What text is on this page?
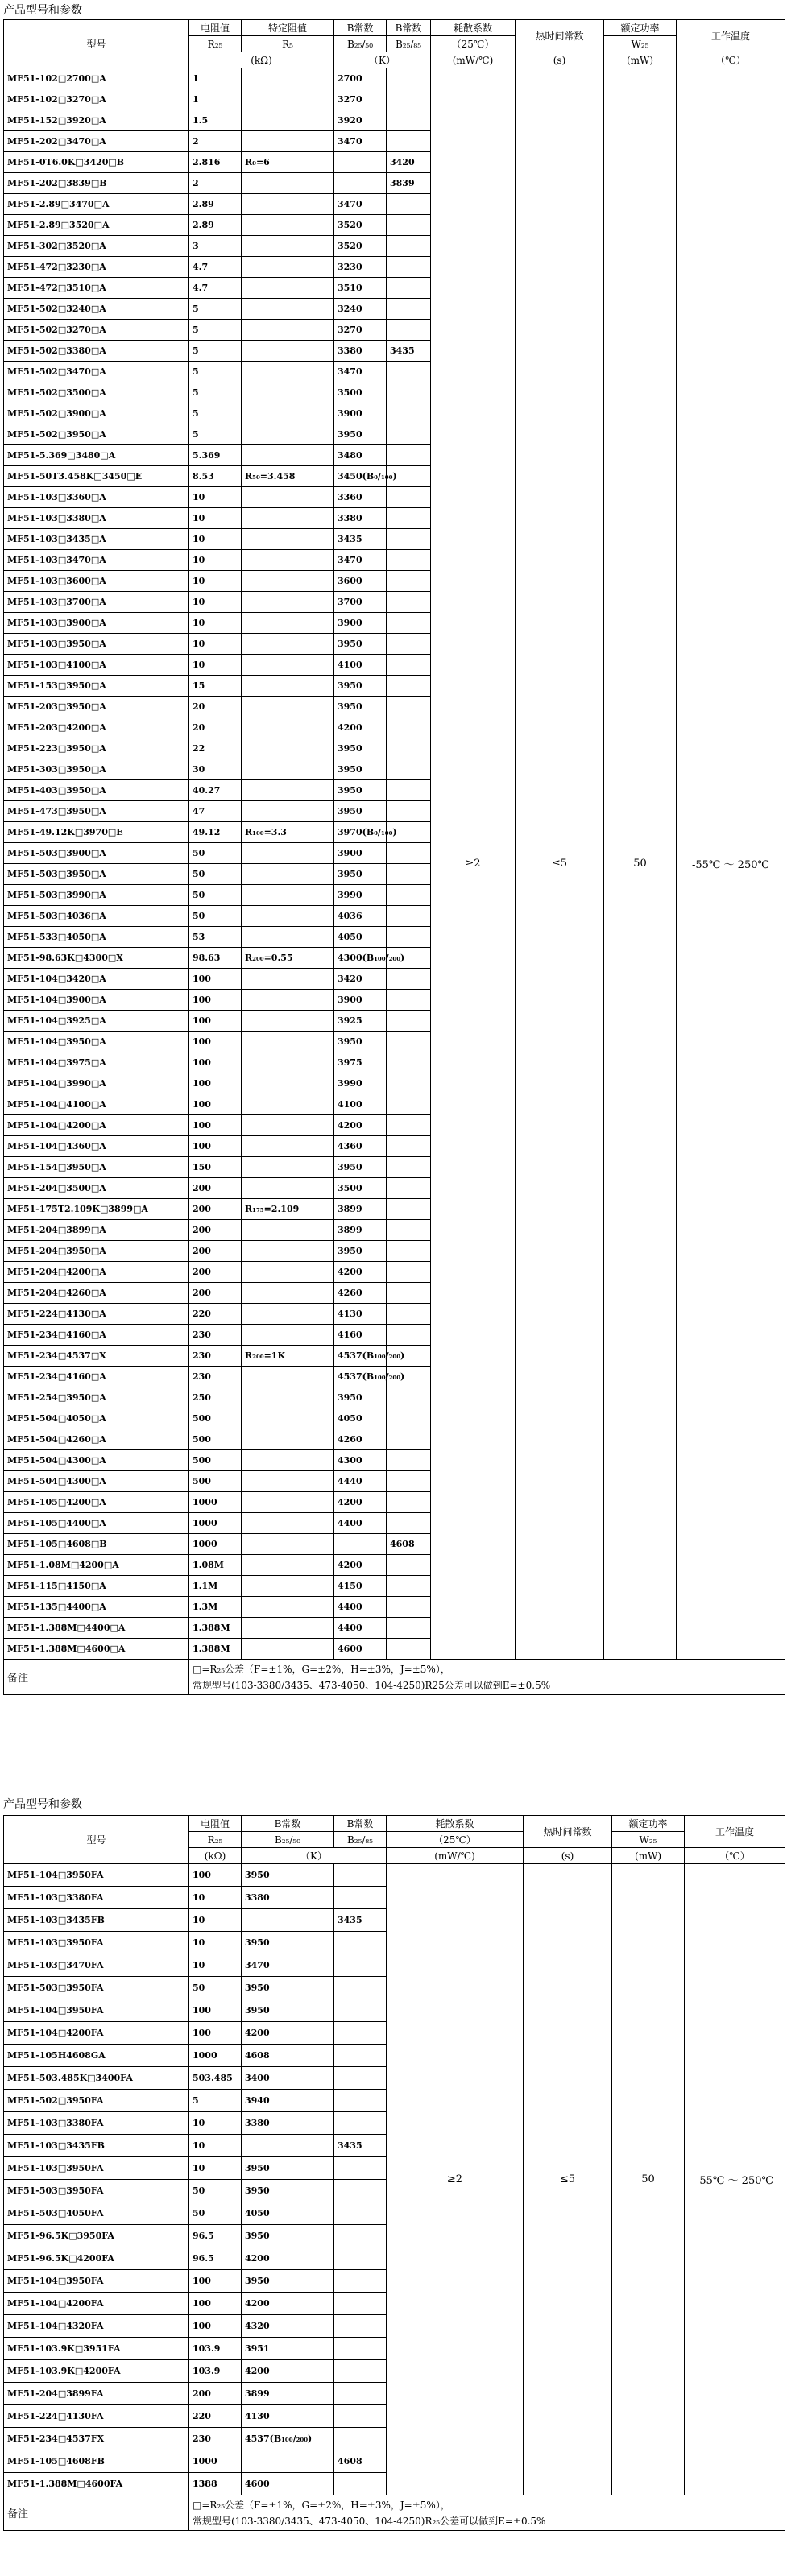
产品型号和参数
型号	电阻值	特定阻值	B常数	B常数	耗散系数	热时间常数	额定功率	工作温度
	R₂₅	R₅	B₂₅/₅₀	B₂₅/₈₅	（25℃）		W₂₅	
	(kΩ)		（K）		(mW/℃)	(s)	(mW)	（℃）
MF51-102□2700□A	1		2700		≥2	≤5	50	-55℃ ～ 250℃
MF51-102□3270□A	1		3270					
MF51-152□3920□A	1.5		3920					
MF51-202□3470□A	2		3470					
MF51-0T6.0K□3420□B	2.816	R₀=6		3420				
MF51-202□3839□B	2			3839				
MF51-2.89□3470□A	2.89		3470					
MF51-2.89□3520□A	2.89		3520					
MF51-302□3520□A	3		3520					
MF51-472□3230□A	4.7		3230					
MF51-472□3510□A	4.7		3510					
MF51-502□3240□A	5		3240					
MF51-502□3270□A	5		3270					
MF51-502□3380□A	5		3380	3435				
MF51-502□3470□A	5		3470					
MF51-502□3500□A	5		3500					
MF51-502□3900□A	5		3900					
MF51-502□3950□A	5		3950					
MF51-5.369□3480□A	5.369		3480					
MF51-50T3.458K□3450□E	8.53	R₅₀=3.458	3450(B₀/₁₀₀)					
MF51-103□3360□A	10		3360					
MF51-103□3380□A	10		3380					
MF51-103□3435□A	10		3435					
MF51-103□3470□A	10		3470					
MF51-103□3600□A	10		3600					
MF51-103□3700□A	10		3700					
MF51-103□3900□A	10		3900					
MF51-103□3950□A	10		3950					
MF51-103□4100□A	10		4100					
MF51-153□3950□A	15		3950					
MF51-203□3950□A	20		3950					
MF51-203□4200□A	20		4200					
MF51-223□3950□A	22		3950					
MF51-303□3950□A	30		3950					
MF51-403□3950□A	40.27		3950					
MF51-473□3950□A	47		3950					
MF51-49.12K□3970□E	49.12	R₁₀₀=3.3	3970(B₀/₁₀₀)					
MF51-503□3900□A	50		3900					
MF51-503□3950□A	50		3950					
MF51-503□3990□A	50		3990					
MF51-503□4036□A	50		4036					
MF51-533□4050□A	53		4050					
MF51-98.63K□4300□X	98.63	R₂₀₀=0.55	4300(B₁₀₀/₂₀₀)					
MF51-104□3420□A	100		3420					
MF51-104□3900□A	100		3900					
MF51-104□3925□A	100		3925					
MF51-104□3950□A	100		3950					
MF51-104□3975□A	100		3975					
MF51-104□3990□A	100		3990					
MF51-104□4100□A	100		4100					
MF51-104□4200□A	100		4200					
MF51-104□4360□A	100		4360					
MF51-154□3950□A	150		3950					
MF51-204□3500□A	200		3500					
MF51-175T2.109K□3899□A	200	R₁₇₅=2.109	3899					
MF51-204□3899□A	200		3899					
MF51-204□3950□A	200		3950					
MF51-204□4200□A	200		4200					
MF51-204□4260□A	200		4260					
MF51-224□4130□A	220		4130					
MF51-234□4160□A	230		4160					
MF51-234□4537□X	230	R₂₀₀=1K	4537(B₁₀₀/₂₀₀)					
MF51-234□4160□A	230		4537(B₁₀₀/₂₀₀)					
MF51-254□3950□A	250		3950					
MF51-504□4050□A	500		4050					
MF51-504□4260□A	500		4260					
MF51-504□4300□A	500		4300					
MF51-504□4300□A	500		4440					
MF51-105□4200□A	1000		4200					
MF51-105□4400□A	1000		4400					
MF51-105□4608□B	1000			4608				
MF51-1.08M□4200□A	1.08M		4200					
MF51-115□4150□A	1.1M		4150					
MF51-135□4400□A	1.3M		4400					
MF51-1.388M□4400□A	1.388M		4400					
MF51-1.388M□4600□A	1.388M		4600					
备注	□=R₂₅公差（F=±1%，G=±2%，H=±3%，J=±5%），
常规型号(103-3380/3435、473-4050、104-4250)R25公差可以做到E=±0.5%							
产品型号和参数
型号	电阻值	B常数	B常数	耗散系数	热时间常数	额定功率	工作温度
	R₂₅	B₂₅/₅₀	B₂₅/₈₅	（25℃）		W₂₅	
	(kΩ)	（K）		(mW/℃)	(s)	(mW)	（℃）
MF51-104□3950FA	100	3950		≥2	≤5	50	-55℃ ～ 250℃
MF51-103□3380FA	10	3380					
MF51-103□3435FB	10		3435				
MF51-103□3950FA	10	3950					
MF51-103□3470FA	10	3470					
MF51-503□3950FA	50	3950					
MF51-104□3950FA	100	3950					
MF51-104□4200FA	100	4200					
MF51-105H4608GA	1000	4608					
MF51-503.485K□3400FA	503.485	3400					
MF51-502□3950FA	5	3940					
MF51-103□3380FA	10	3380					
MF51-103□3435FB	10		3435				
MF51-103□3950FA	10	3950					
MF51-503□3950FA	50	3950					
MF51-503□4050FA	50	4050					
MF51-96.5K□3950FA	96.5	3950					
MF51-96.5K□4200FA	96.5	4200					
MF51-104□3950FA	100	3950					
MF51-104□4200FA	100	4200					
MF51-104□4320FA	100	4320					
MF51-103.9K□3951FA	103.9	3951					
MF51-103.9K□4200FA	103.9	4200					
MF51-204□3899FA	200	3899					
MF51-224□4130FA	220	4130					
MF51-234□4537FX	230	4537(B₁₀₀/₂₀₀)					
MF51-105□4608FB	1000		4608				
MF51-1.388M□4600FA	1388	4600					
备注	□=R₂₅公差（F=±1%，G=±2%，H=±3%，J=±5%），
常规型号(103-3380/3435、473-4050、104-4250)R₂₅公差可以做到E=±0.5%						
